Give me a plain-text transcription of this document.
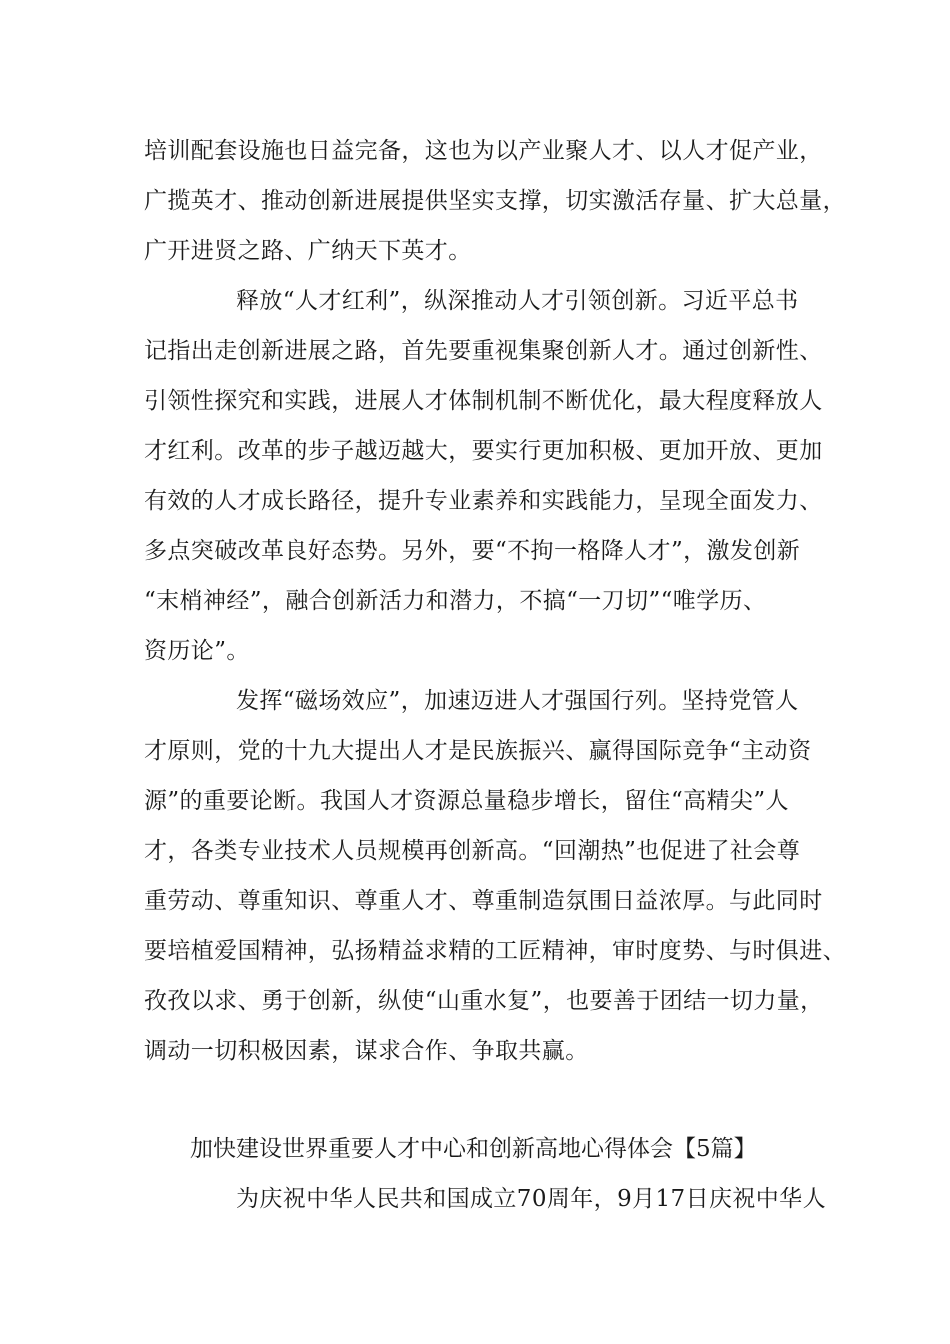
培训配套设施也日益完备，这也为以产业聚人才、以人才促产业，
广揽英才、推动创新进展提供坚实支撑，切实激活存量、扩大总量，
广开进贤之路、广纳天下英才。
释放“人才红利”，纵深推动人才引领创新。习近平总书
记指出走创新进展之路，首先要重视集聚创新人才。通过创新性、
引领性探究和实践，进展人才体制机制不断优化，最大程度释放人
才红利。改革的步子越迈越大，要实行更加积极、更加开放、更加
有效的人才成长路径，提升专业素养和实践能力，呈现全面发力、
多点突破改革良好态势。另外，要“不拘一格降人才”，激发创新
“末梢神经”，融合创新活力和潜力，不搞“一刀切”“唯学历、
资历论”。
发挥“磁场效应”，加速迈进人才强国行列。坚持党管人
才原则，党的十九大提出人才是民族振兴、赢得国际竞争“主动资
源”的重要论断。我国人才资源总量稳步增长，留住“高精尖”人
才，各类专业技术人员规模再创新高。“回潮热”也促进了社会尊
重劳动、尊重知识、尊重人才、尊重制造氛围日益浓厚。与此同时
要培植爱国精神，弘扬精益求精的工匠精神，审时度势、与时俱进、
孜孜以求、勇于创新，纵使“山重水复”，也要善于团结一切力量，
调动一切积极因素，谋求合作、争取共赢。
加快建设世界重要人才中心和创新高地心得体会【5篇】
为庆祝中华人民共和国成立70周年，9月17日庆祝中华人
